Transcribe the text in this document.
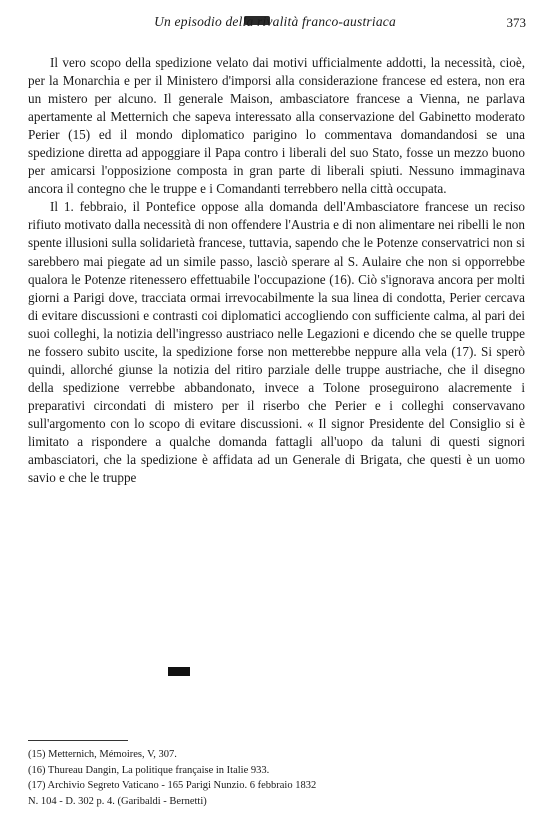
Un episodio della rivalità franco-austriaca	373

Il vero scopo della spedizione velato dai motivi ufficialmente addotti, la necessità, cioè, per la Monarchia e per il Ministero d'imporsi alla considerazione francese ed estera, non era un mistero per alcuno. Il generale Maison, ambasciatore francese a Vienna, ne parlava apertamente al Metternich che sapeva interessato alla conservazione del Gabinetto moderato Perier (15) ed il mondo diplomatico parigino lo commentava domandandosi se una spedizione diretta ad appoggiare il Papa contro i liberali del suo Stato, fosse un mezzo buono per amicarsi l'opposizione composta in gran parte di liberali spiuti. Nessuno immaginava ancora il contegno che le truppe e i Comandanti terrebbero nella città occupata.

Il 1. febbraio, il Pontefice oppose alla domanda dell'Ambasciatore francese un reciso rifiuto motivato dalla necessità di non offendere l'Austria e di non alimentare nei ribelli le non spente illusioni sulla solidarietà francese, tuttavia, sapendo che le Potenze conservatrici non si sarebbero mai piegate ad un simile passo, lasciò sperare al S. Aulaire che non si opporrebbe qualora le Potenze ritenessero effettuabile l'occupazione (16). Ciò s'ignorava ancora per molti giorni a Parigi dove, tracciata ormai irrevocabilmente la sua linea di condotta, Perier cercava di evitare discussioni e contrasti coi diplomatici accogliendo con sufficiente calma, al pari dei suoi colleghi, la notizia dell'ingresso austriaco nelle Legazioni e dicendo che se quelle truppe ne fossero subito uscite, la spedizione forse non metterebbe neppure alla vela (17). Si sperò quindi, allorché giunse la notizia del ritiro parziale delle truppe austriache, che il disegno della spedizione verrebbe abbandonato, invece a Tolone proseguirono alacremente i preparativi circondati di mistero per il riserbo che Perier e i colleghi conservavano sull'argomento con lo scopo di evitare discussioni. « Il signor Presidente del Consiglio si è limitato a rispondere a qualche domanda fattagli all'uopo da taluni di questi signori ambasciatori, che la spedizione è affidata ad un Generale di Brigata, che questi è un uomo savio e che le truppe

(15) Metternich, Mémoires, V, 307.
(16) Thureau Dangin, La politique française in Italie 933.
(17) Archivio Segreto Vaticano - 165 Parigi Nunzio. 6 febbraio 1832
N. 104 - D. 302 p. 4. (Garibaldi - Bernetti)
